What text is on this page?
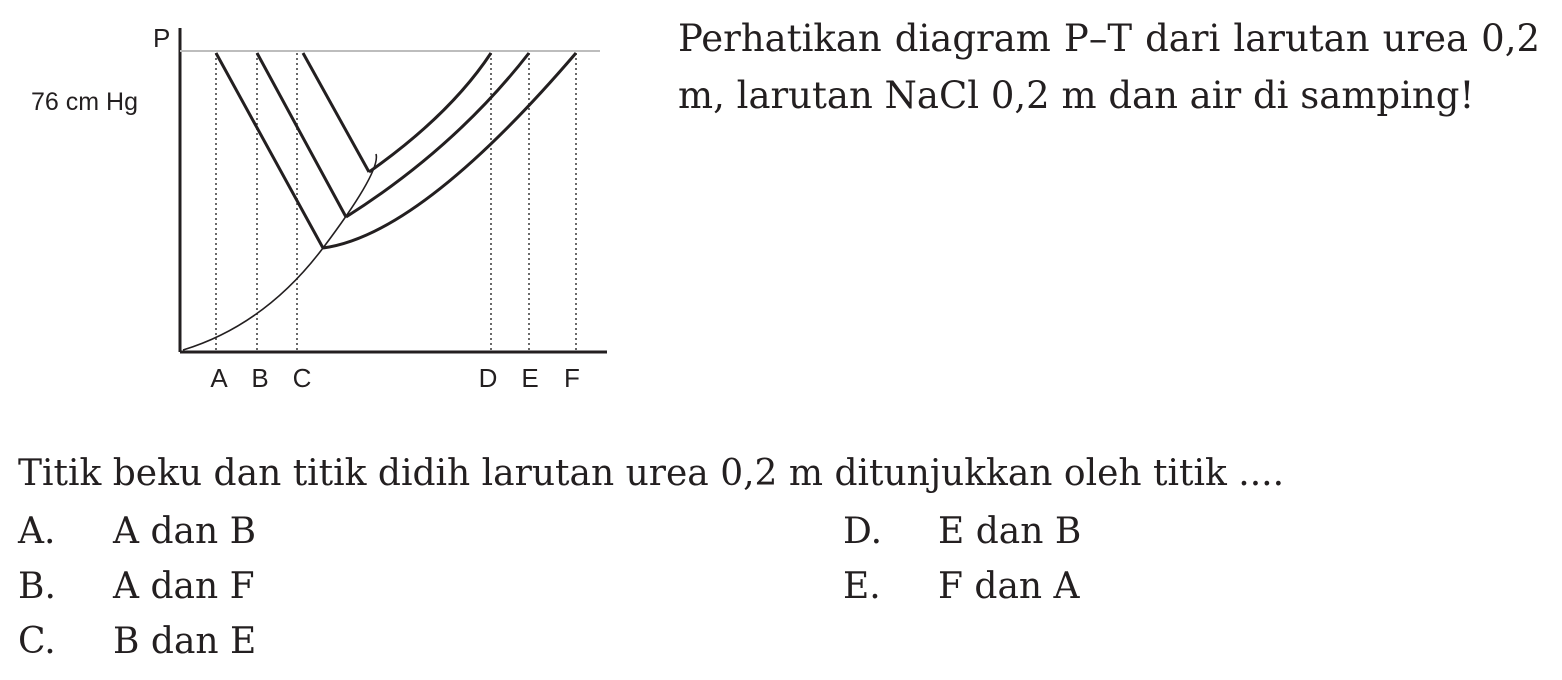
P
76 cm Hg
A B C	D E F

Perhatikan diagram P–T dari larutan urea 0,2 m, larutan NaCl 0,2 m dan air di samping!

Titik beku dan titik didih larutan urea 0,2 m ditunjukkan oleh titik ....

A. A dan B
B. A dan F
C. B dan E
D. E dan B
E. F dan A
